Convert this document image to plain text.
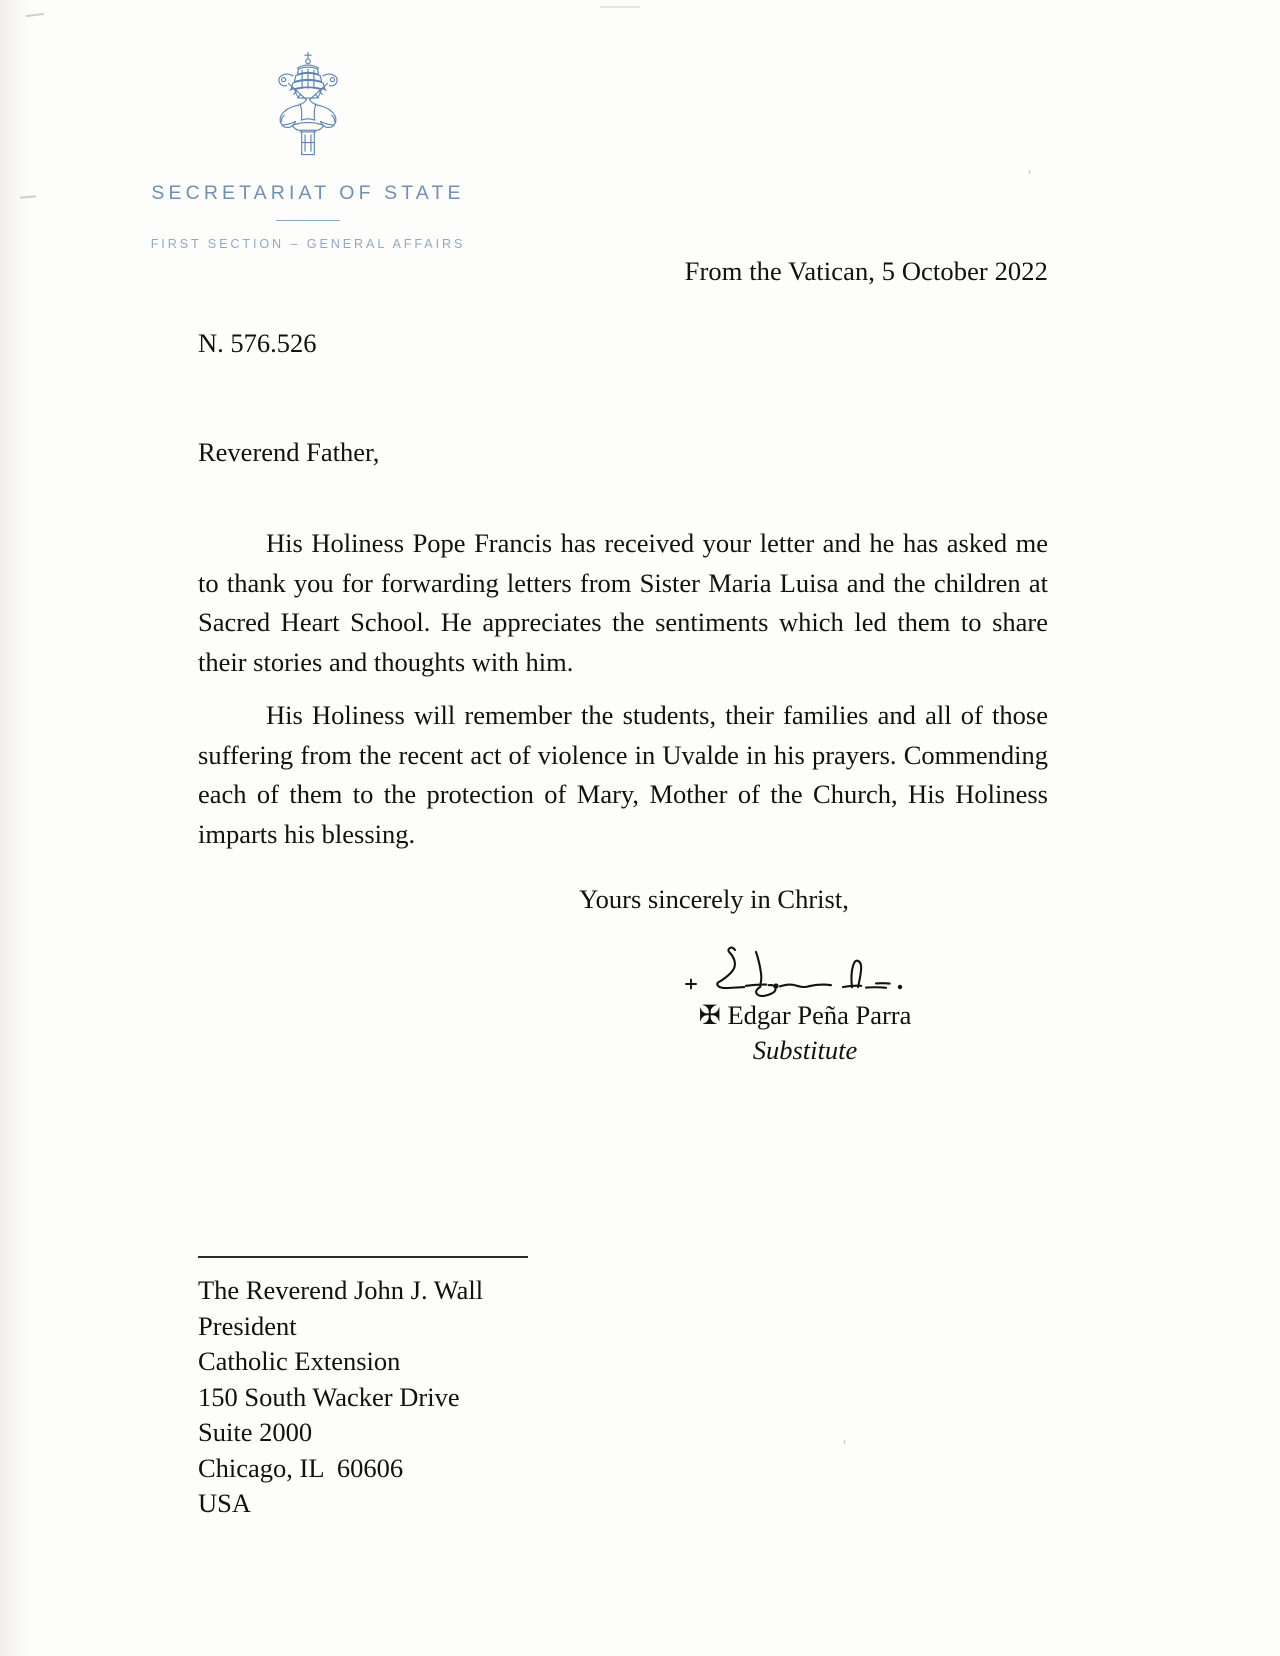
SECRETARIAT OF STATE
FIRST SECTION – GENERAL AFFAIRS
From the Vatican, 5 October 2022
N. 576.526
Reverend Father,

His Holiness Pope Francis has received your letter and he has asked me to thank you for forwarding letters from Sister Maria Luisa and the children at Sacred Heart School. He appreciates the sentiments which led them to share their stories and thoughts with him.

His Holiness will remember the students, their families and all of those suffering from the recent act of violence in Uvalde in his prayers. Commending each of them to the protection of Mary, Mother of the Church, His Holiness imparts his blessing.

Yours sincerely in Christ,
✠ Edgar Peña Parra
Substitute
The Reverend John J. Wall
President
Catholic Extension
150 South Wacker Drive
Suite 2000
Chicago, IL  60606
USA
′
′
